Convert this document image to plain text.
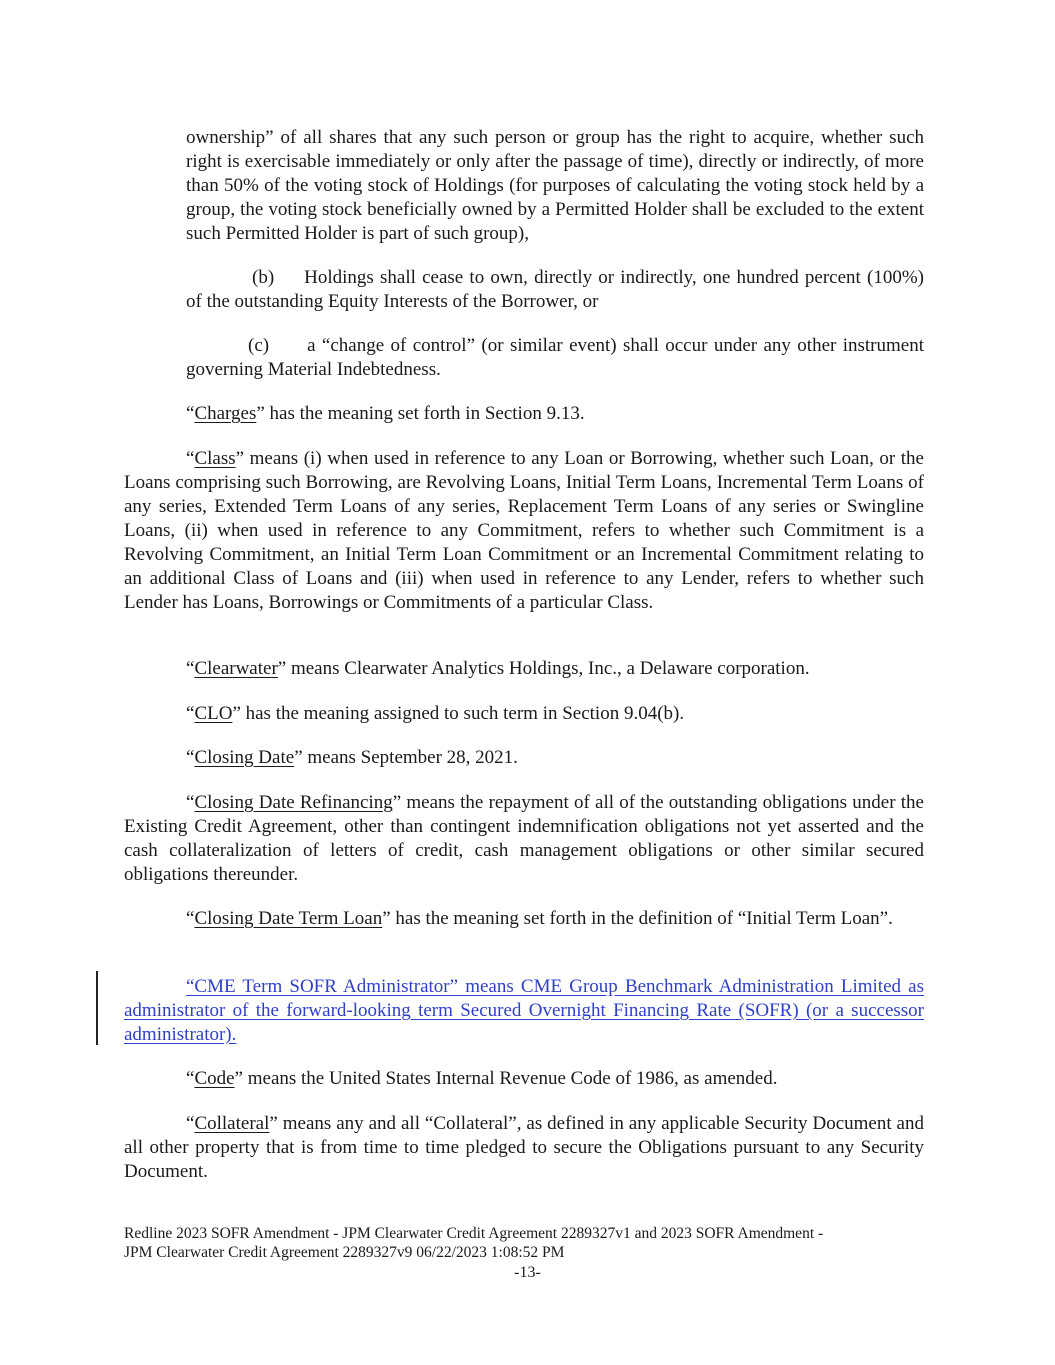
ownership” of all shares that any such person or group has the right to acquire, whether such right is exercisable immediately or only after the passage of time), directly or indirectly, of more than 50% of the voting stock of Holdings (for purposes of calculating the voting stock held by a group, the voting stock beneficially owned by a Permitted Holder shall be excluded to the extent such Permitted Holder is part of such group),

(b) Holdings shall cease to own, directly or indirectly, one hundred percent (100%) of the outstanding Equity Interests of the Borrower, or

(c) a “change of control” (or similar event) shall occur under any other instrument governing Material Indebtedness.

“Charges” has the meaning set forth in Section 9.13.

“Class” means (i) when used in reference to any Loan or Borrowing, whether such Loan, or the Loans comprising such Borrowing, are Revolving Loans, Initial Term Loans, Incremental Term Loans of any series, Extended Term Loans of any series, Replacement Term Loans of any series or Swingline Loans, (ii) when used in reference to any Commitment, refers to whether such Commitment is a Revolving Commitment, an Initial Term Loan Commitment or an Incremental Commitment relating to an additional Class of Loans and (iii) when used in reference to any Lender, refers to whether such Lender has Loans, Borrowings or Commitments of a particular Class.

“Clearwater” means Clearwater Analytics Holdings, Inc., a Delaware corporation.

“CLO” has the meaning assigned to such term in Section 9.04(b).

“Closing Date” means September 28, 2021.

“Closing Date Refinancing” means the repayment of all of the outstanding obligations under the Existing Credit Agreement, other than contingent indemnification obligations not yet asserted and the cash collateralization of letters of credit, cash management obligations or other similar secured obligations thereunder.

“Closing Date Term Loan” has the meaning set forth in the definition of “Initial Term Loan”.

“CME Term SOFR Administrator” means CME Group Benchmark Administration Limited as administrator of the forward-looking term Secured Overnight Financing Rate (SOFR) (or a successor administrator).

“Code” means the United States Internal Revenue Code of 1986, as amended.

“Collateral” means any and all “Collateral”, as defined in any applicable Security Document and all other property that is from time to time pledged to secure the Obligations pursuant to any Security Document.

Redline 2023 SOFR Amendment - JPM Clearwater Credit Agreement 2289327v1 and 2023 SOFR Amendment -
JPM Clearwater Credit Agreement 2289327v9 06/22/2023 1:08:52 PM
-13-
